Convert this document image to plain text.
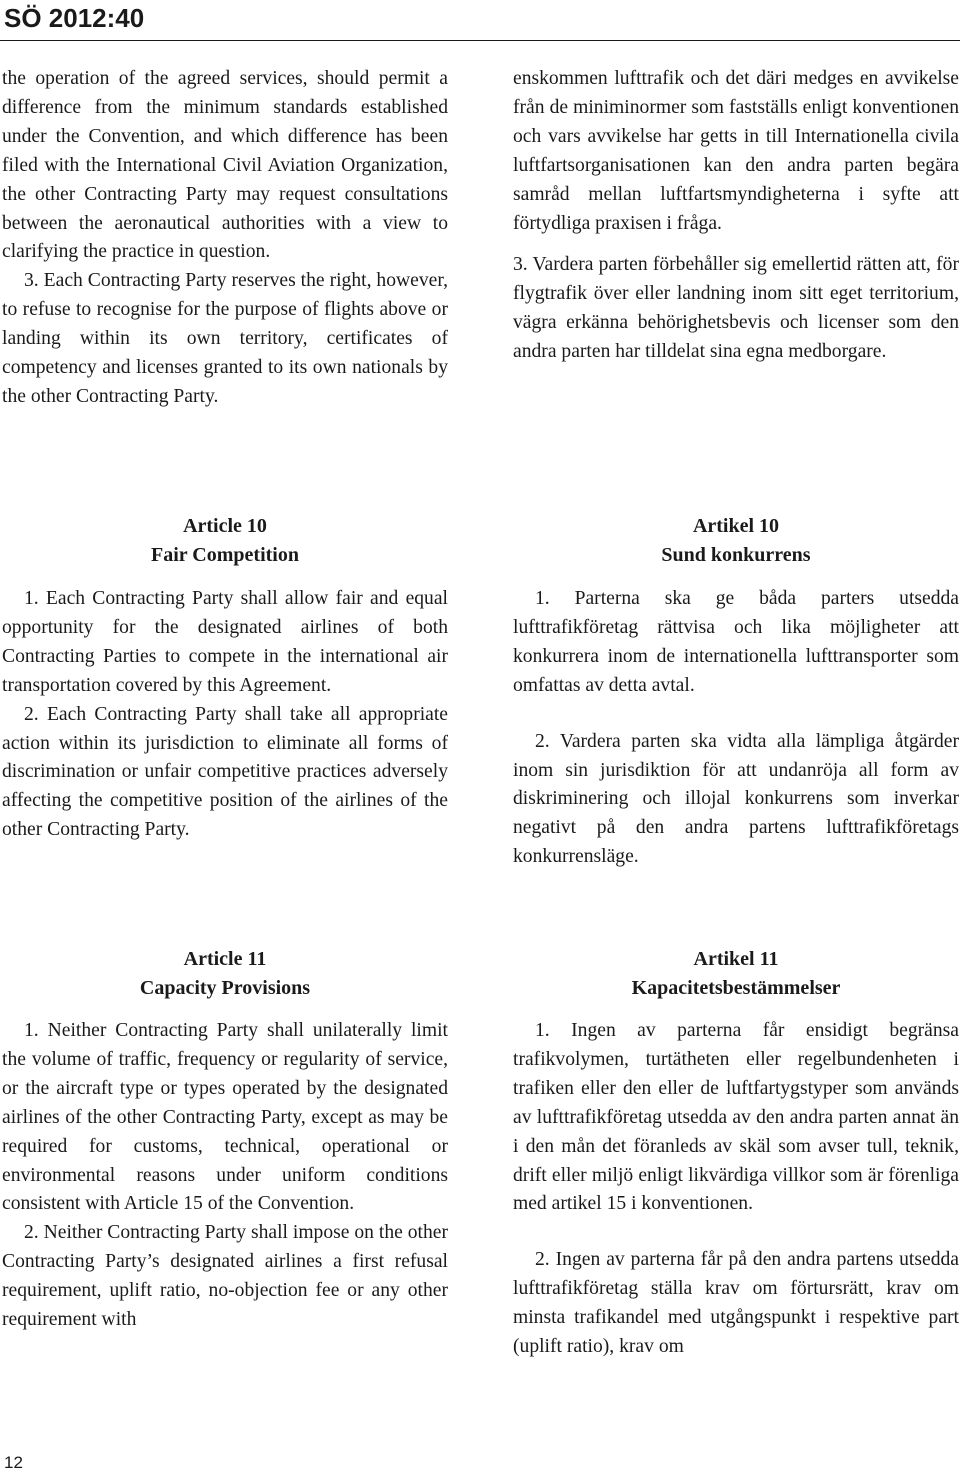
SÖ 2012:40

the operation of the agreed services, should permit a difference from the minimum standards established under the Convention, and which difference has been filed with the International Civil Aviation Organization, the other Contracting Party may request consultations between the aeronautical authorities with a view to clarifying the practice in question.

3. Each Contracting Party reserves the right, however, to refuse to recognise for the purpose of flights above or landing within its own territory, certificates of competency and licenses granted to its own nationals by the other Contracting Party.

enskommen lufttrafik och det däri medges en avvikelse från de miniminormer som fastställs enligt konventionen och vars avvikelse har getts in till Internationella civila luftfartsorganisationen kan den andra parten begära samråd mellan luftfartsmyndigheterna i syfte att förtydliga praxisen i fråga.

3. Vardera parten förbehåller sig emellertid rätten att, för flygtrafik över eller landning inom sitt eget territorium, vägra erkänna behörighetsbevis och licenser som den andra parten har tilldelat sina egna medborgare.

Article 10
Fair Competition
Artikel 10
Sund konkurrens

1. Each Contracting Party shall allow fair and equal opportunity for the designated airlines of both Contracting Parties to compete in the international air transportation covered by this Agreement.

2. Each Contracting Party shall take all appropriate action within its jurisdiction to eliminate all forms of discrimination or unfair competitive practices adversely affecting the competitive position of the airlines of the other Contracting Party.

1. Parterna ska ge båda parters utsedda lufttrafikföretag rättvisa och lika möjligheter att konkurrera inom de internationella lufttransporter som omfattas av detta avtal.

2. Vardera parten ska vidta alla lämpliga åtgärder inom sin jurisdiktion för att undanröja all form av diskriminering och illojal konkurrens som inverkar negativt på den andra partens lufttrafikföretags konkurrensläge.

Article 11
Capacity Provisions
Artikel 11
Kapacitetsbestämmelser

1. Neither Contracting Party shall unilaterally limit the volume of traffic, frequency or regularity of service, or the aircraft type or types operated by the designated airlines of the other Contracting Party, except as may be required for customs, technical, operational or environmental reasons under uniform conditions consistent with Article 15 of the Convention.

2. Neither Contracting Party shall impose on the other Contracting Party’s designated airlines a first refusal requirement, uplift ratio, no-objection fee or any other requirement with

1. Ingen av parterna får ensidigt begränsa trafikvolymen, turtätheten eller regelbundenheten i trafiken eller den eller de luftfartygstyper som används av lufttrafikföretag utsedda av den andra parten annat än i den mån det föranleds av skäl som avser tull, teknik, drift eller miljö enligt likvärdiga villkor som är förenliga med artikel 15 i konventionen.

2. Ingen av parterna får på den andra partens utsedda lufttrafikföretag ställa krav om förtursrätt, krav om minsta trafikandel med utgångspunkt i respektive part (uplift ratio), krav om

12
